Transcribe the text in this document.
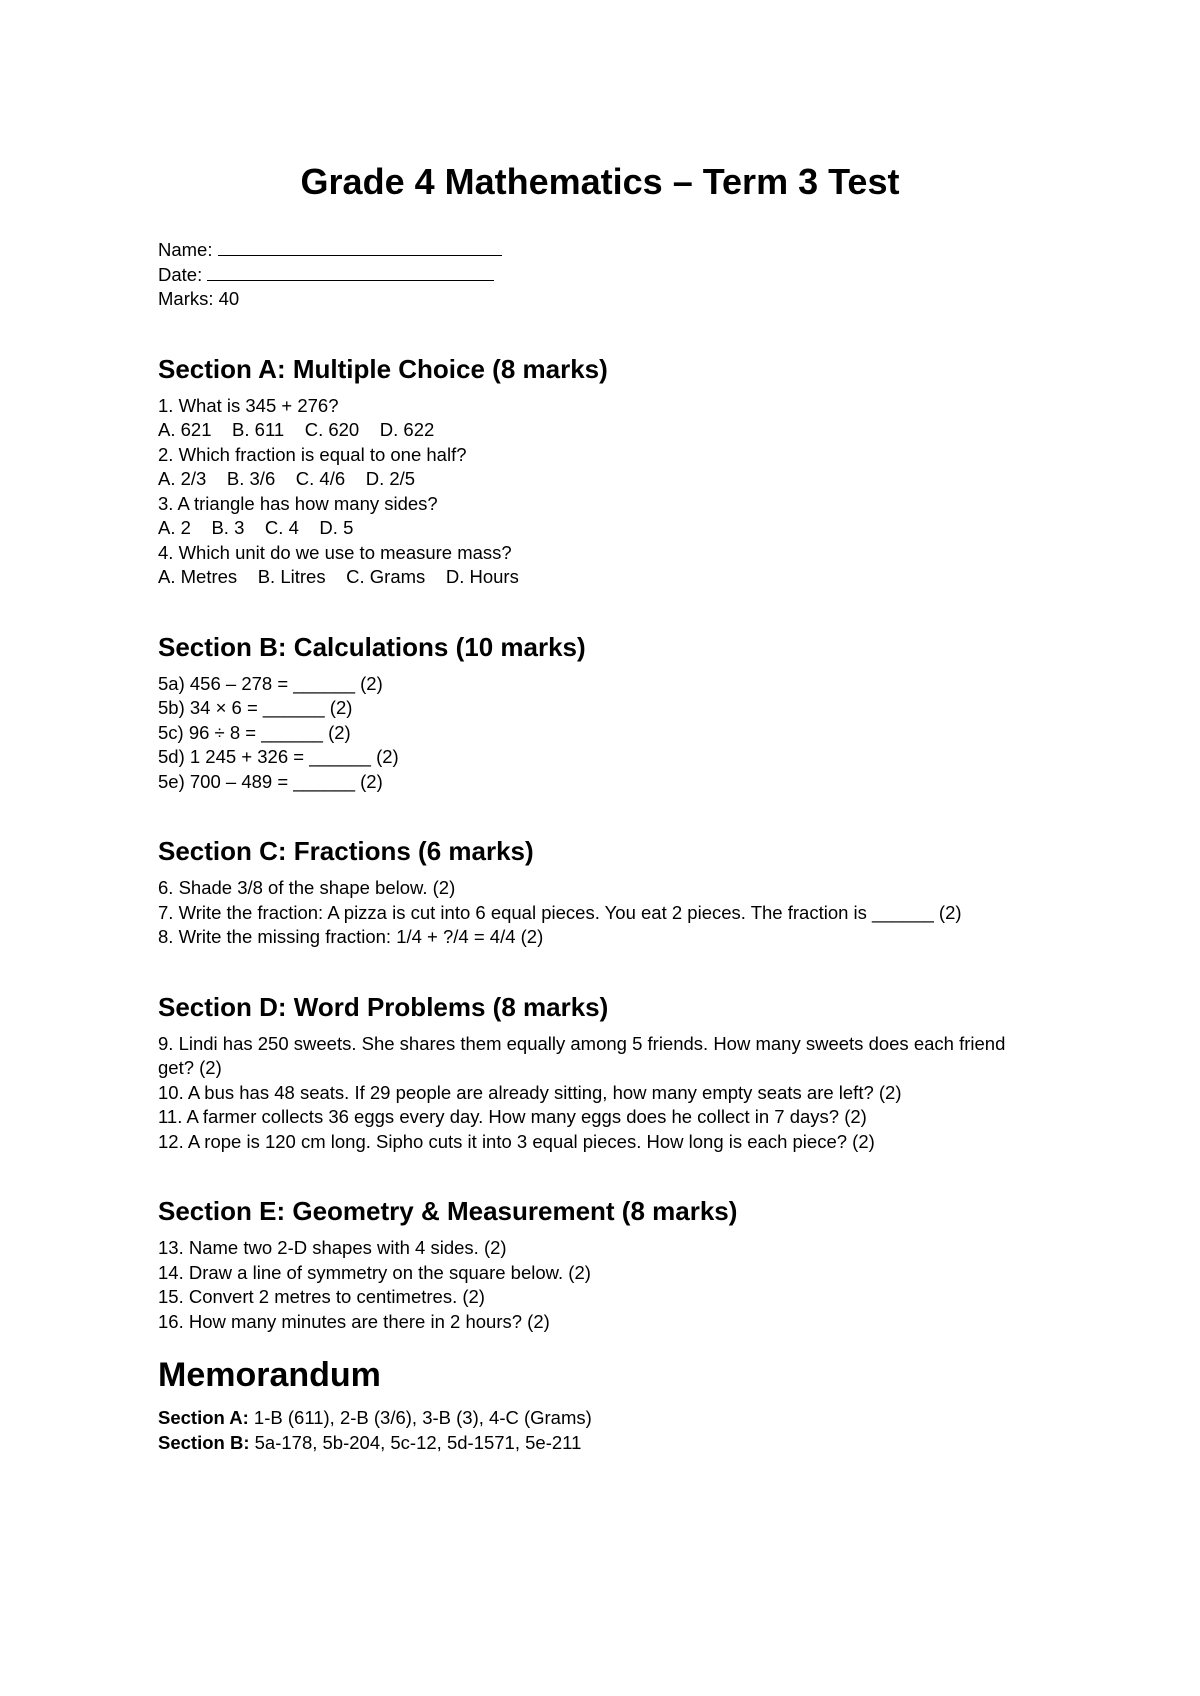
Grade 4 Mathematics – Term 3 Test
Name:
Date:
Marks: 40
Section A: Multiple Choice (8 marks)
1. What is 345 + 276?
A. 621    B. 611    C. 620    D. 622
2. Which fraction is equal to one half?
A. 2/3    B. 3/6    C. 4/6    D. 2/5
3. A triangle has how many sides?
A. 2    B. 3    C. 4    D. 5
4. Which unit do we use to measure mass?
A. Metres    B. Litres    C. Grams    D. Hours
Section B: Calculations (10 marks)
5a) 456 – 278 = ______ (2)
5b) 34 × 6 = ______ (2)
5c) 96 ÷ 8 = ______ (2)
5d) 1 245 + 326 = ______ (2)
5e) 700 – 489 = ______ (2)
Section C: Fractions (6 marks)
6. Shade 3/8 of the shape below. (2)
7. Write the fraction: A pizza is cut into 6 equal pieces. You eat 2 pieces. The fraction is ______ (2)
8. Write the missing fraction: 1/4 + ?/4 = 4/4 (2)
Section D: Word Problems (8 marks)
9. Lindi has 250 sweets. She shares them equally among 5 friends. How many sweets does each friend get? (2)
10. A bus has 48 seats. If 29 people are already sitting, how many empty seats are left? (2)
11. A farmer collects 36 eggs every day. How many eggs does he collect in 7 days? (2)
12. A rope is 120 cm long. Sipho cuts it into 3 equal pieces. How long is each piece? (2)
Section E: Geometry & Measurement (8 marks)
13. Name two 2-D shapes with 4 sides. (2)
14. Draw a line of symmetry on the square below. (2)
15. Convert 2 metres to centimetres. (2)
16. How many minutes are there in 2 hours? (2)
Memorandum
Section A: 1-B (611), 2-B (3/6), 3-B (3), 4-C (Grams)
Section B: 5a-178, 5b-204, 5c-12, 5d-1571, 5e-211
